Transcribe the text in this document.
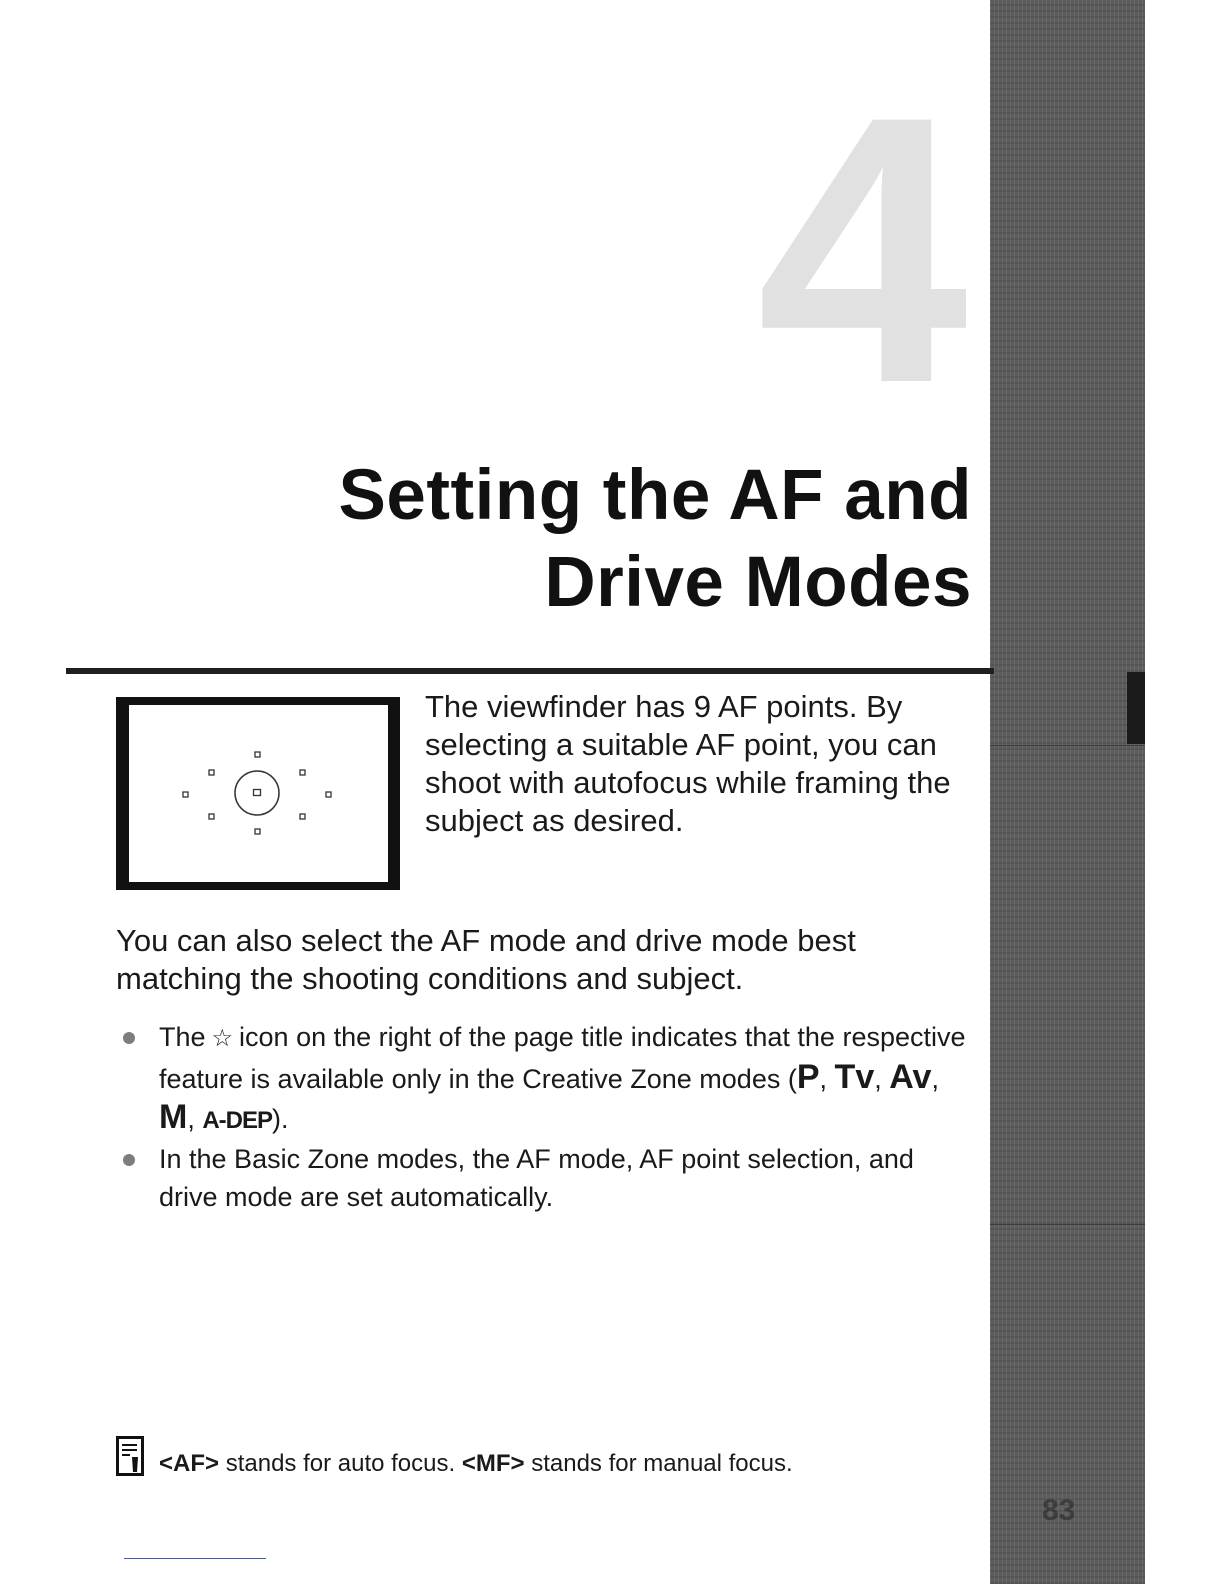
83
4
Setting the AF and
Drive Modes

The viewfinder has 9 AF points. By selecting a suitable AF point, you can shoot with autofocus while framing the subject as desired.

You can also select the AF mode and drive mode best matching the shooting conditions and subject.

The ☆ icon on the right of the page title indicates that the respective feature is available only in the Creative Zone modes (P, Tv, Av, M, A-DEP).
In the Basic Zone modes, the AF mode, AF point selection, and drive mode are set automatically.

<AF> stands for auto focus. <MF> stands for manual focus.
